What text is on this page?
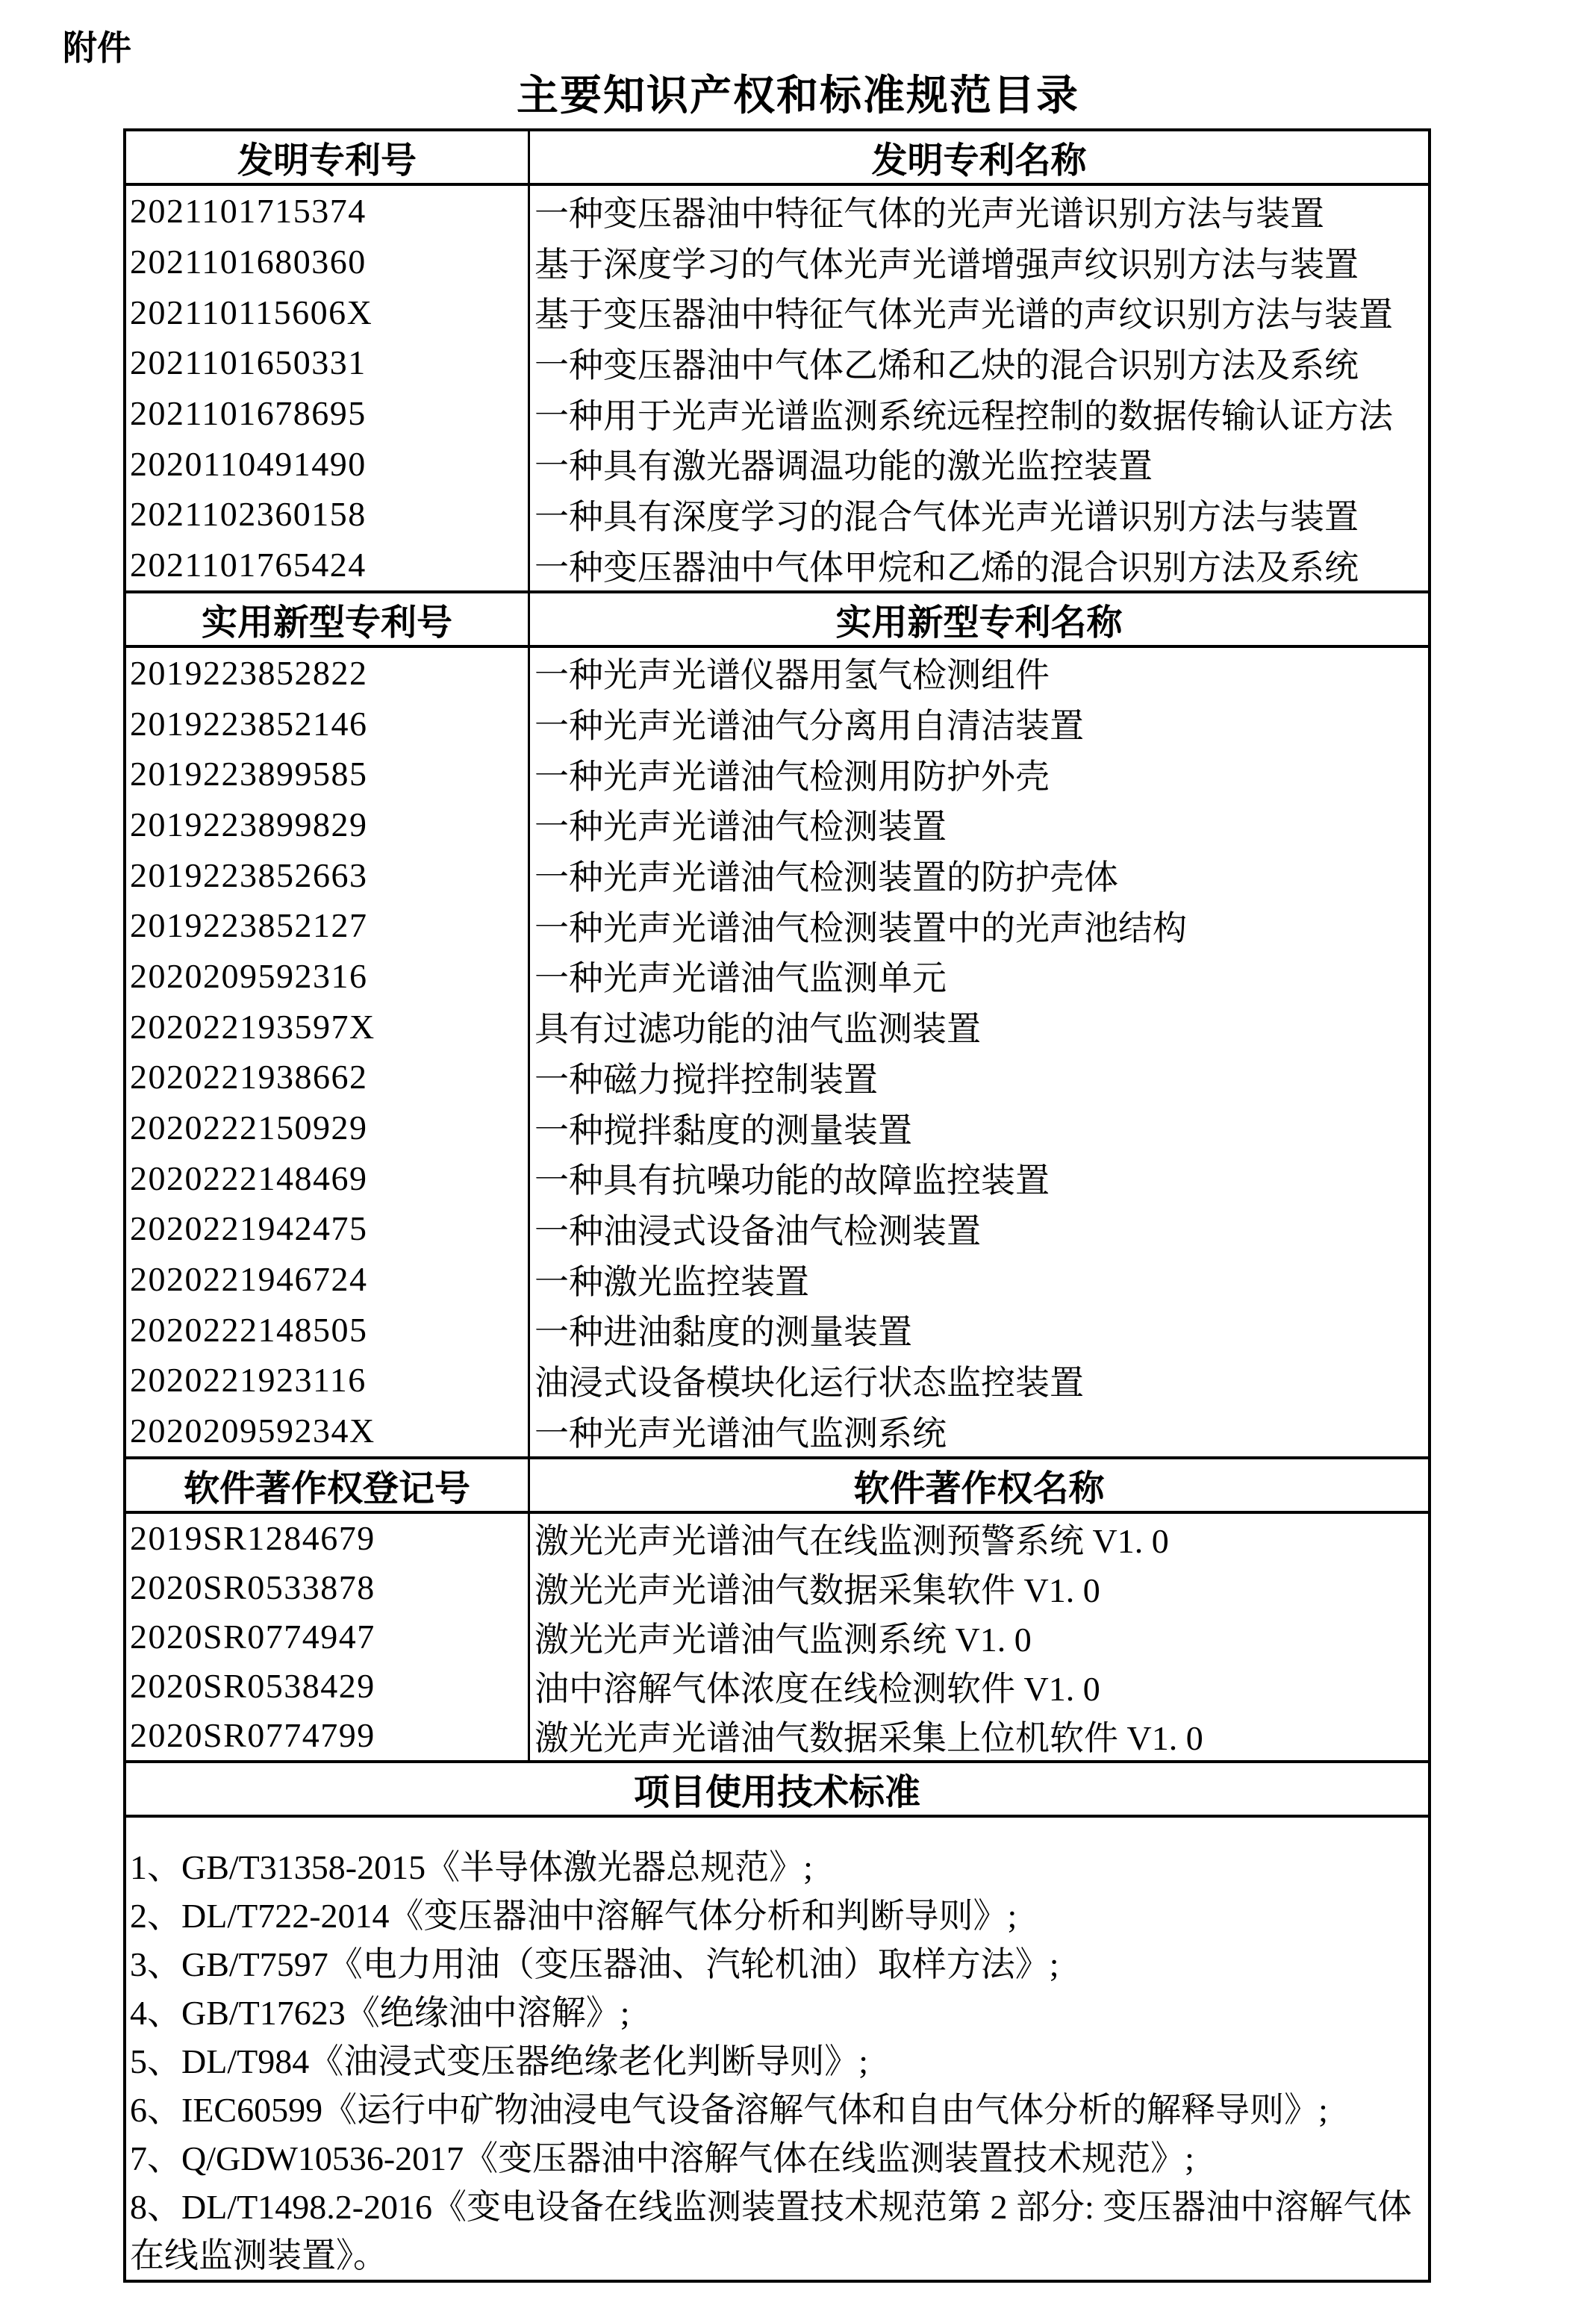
附件
主要知识产权和标准规范目录
发明专利号	发明专利名称
2021101715374	一种变压器油中特征气体的光声光谱识别方法与装置
2021101680360	基于深度学习的气体光声光谱增强声纹识别方法与装置
202110115606X	基于变压器油中特征气体光声光谱的声纹识别方法与装置
2021101650331	一种变压器油中气体乙烯和乙炔的混合识别方法及系统
2021101678695	一种用于光声光谱监测系统远程控制的数据传输认证方法
2020110491490	一种具有激光器调温功能的激光监控装置
2021102360158	一种具有深度学习的混合气体光声光谱识别方法与装置
2021101765424	一种变压器油中气体甲烷和乙烯的混合识别方法及系统
实用新型专利号	实用新型专利名称
2019223852822	一种光声光谱仪器用氢气检测组件
2019223852146	一种光声光谱油气分离用自清洁装置
2019223899585	一种光声光谱油气检测用防护外壳
2019223899829	一种光声光谱油气检测装置
2019223852663	一种光声光谱油气检测装置的防护壳体
2019223852127	一种光声光谱油气检测装置中的光声池结构
2020209592316	一种光声光谱油气监测单元
202022193597X	具有过滤功能的油气监测装置
2020221938662	一种磁力搅拌控制装置
2020222150929	一种搅拌黏度的测量装置
2020222148469	一种具有抗噪功能的故障监控装置
2020221942475	一种油浸式设备油气检测装置
2020221946724	一种激光监控装置
2020222148505	一种进油黏度的测量装置
2020221923116	油浸式设备模块化运行状态监控装置
202020959234X	一种光声光谱油气监测系统
软件著作权登记号	软件著作权名称
2019SR1284679	激光光声光谱油气在线监测预警系统 V1. 0
2020SR0533878	激光光声光谱油气数据采集软件 V1. 0
2020SR0774947	激光光声光谱油气监测系统 V1. 0
2020SR0538429	油中溶解气体浓度在线检测软件 V1. 0
2020SR0774799	激光光声光谱油气数据采集上位机软件 V1. 0
项目使用技术标准
1、GB/T31358-2015《半导体激光器总规范》;
2、DL/T722-2014《变压器油中溶解气体分析和判断导则》;
3、GB/T7597《电力用油（变压器油、汽轮机油）取样方法》;
4、GB/T17623《绝缘油中溶解》;
5、DL/T984《油浸式变压器绝缘老化判断导则》;
6、IEC60599《运行中矿物油浸电气设备溶解气体和自由气体分析的解释导则》;
7、Q/GDW10536-2017《变压器油中溶解气体在线监测装置技术规范》;
8、DL/T1498.2-2016《变电设备在线监测装置技术规范第 2 部分: 变压器油中溶解气体在线监测装置》。
